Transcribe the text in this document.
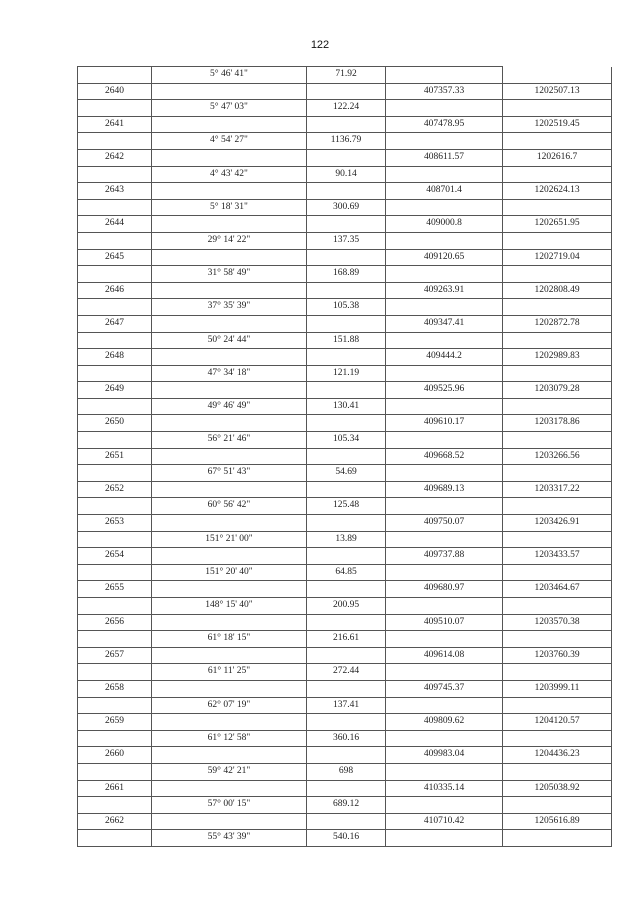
122
	5° 46' 41"	71.92		
2640			407357.33	1202507.13
	5° 47' 03"	122.24		
2641			407478.95	1202519.45
	4° 54' 27"	1136.79		
2642			408611.57	1202616.7
	4° 43' 42"	90.14		
2643			408701.4	1202624.13
	5° 18' 31"	300.69		
2644			409000.8	1202651.95
	29° 14' 22"	137.35		
2645			409120.65	1202719.04
	31° 58' 49"	168.89		
2646			409263.91	1202808.49
	37° 35' 39"	105.38		
2647			409347.41	1202872.78
	50° 24' 44"	151.88		
2648			409444.2	1202989.83
	47° 34' 18"	121.19		
2649			409525.96	1203079.28
	49° 46' 49"	130.41		
2650			409610.17	1203178.86
	56° 21' 46"	105.34		
2651			409668.52	1203266.56
	67° 51' 43"	54.69		
2652			409689.13	1203317.22
	60° 56' 42"	125.48		
2653			409750.07	1203426.91
	151° 21' 00"	13.89		
2654			409737.88	1203433.57
	151° 20' 40"	64.85		
2655			409680.97	1203464.67
	148° 15' 40"	200.95		
2656			409510.07	1203570.38
	61° 18' 15"	216.61		
2657			409614.08	1203760.39
	61° 11' 25"	272.44		
2658			409745.37	1203999.11
	62° 07' 19"	137.41		
2659			409809.62	1204120.57
	61° 12' 58"	360.16		
2660			409983.04	1204436.23
	59° 42' 21"	698		
2661			410335.14	1205038.92
	57° 00' 15"	689.12		
2662			410710.42	1205616.89
	55° 43' 39"	540.16		
